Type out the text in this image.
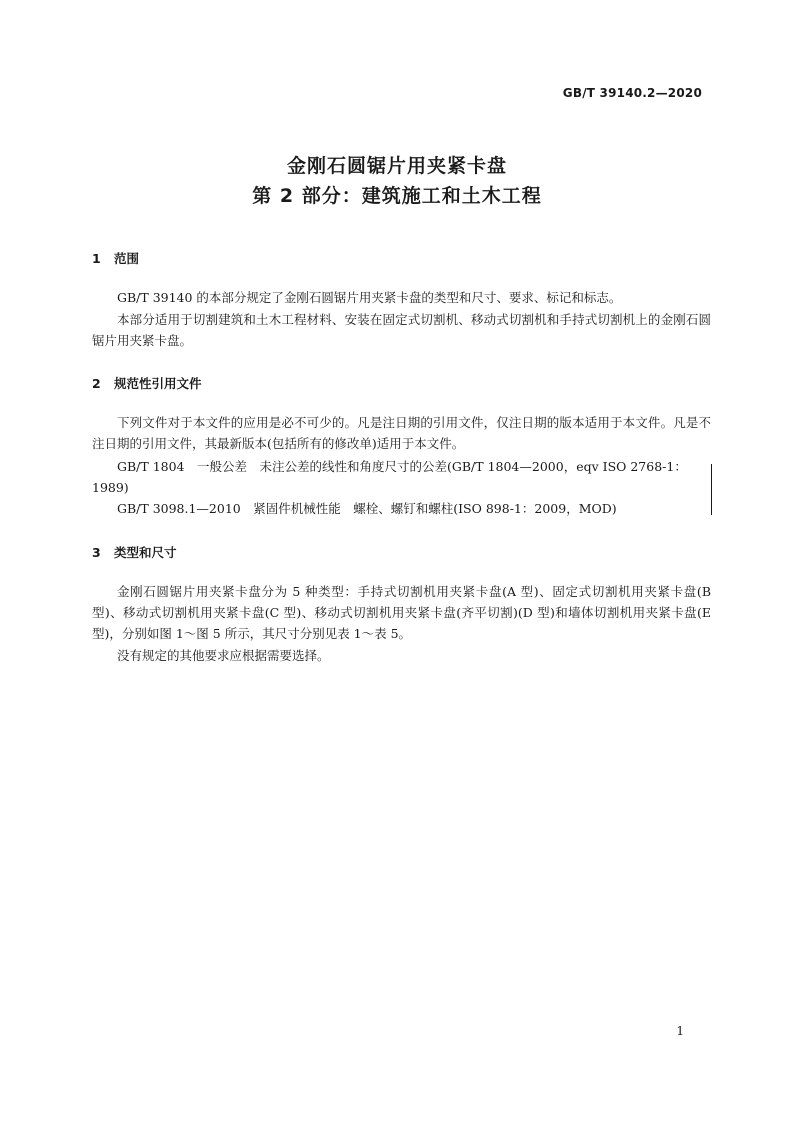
GB/T 39140.2—2020
金刚石圆锯片用夹紧卡盘
第 2 部分：建筑施工和土木工程
1 范围
GB/T 39140 的本部分规定了金刚石圆锯片用夹紧卡盘的类型和尺寸、要求、标记和标志。
本部分适用于切割建筑和土木工程材料、安装在固定式切割机、移动式切割机和手持式切割机上的金刚石圆锯片用夹紧卡盘。
2 规范性引用文件
下列文件对于本文件的应用是必不可少的。凡是注日期的引用文件，仅注日期的版本适用于本文件。凡是不注日期的引用文件，其最新版本(包括所有的修改单)适用于本文件。
GB/T 1804　一般公差　未注公差的线性和角度尺寸的公差(GB/T 1804—2000，eqv ISO 2768-1：
1989)
GB/T 3098.1—2010　紧固件机械性能　螺栓、螺钉和螺柱(ISO 898-1：2009，MOD)
3 类型和尺寸
金刚石圆锯片用夹紧卡盘分为 5 种类型：手持式切割机用夹紧卡盘(A 型)、固定式切割机用夹紧卡盘(B 型)、移动式切割机用夹紧卡盘(C 型)、移动式切割机用夹紧卡盘(齐平切割)(D 型)和墙体切割机用夹紧卡盘(E 型)，分别如图 1～图 5 所示，其尺寸分别见表 1～表 5。
没有规定的其他要求应根据需要选择。
1
